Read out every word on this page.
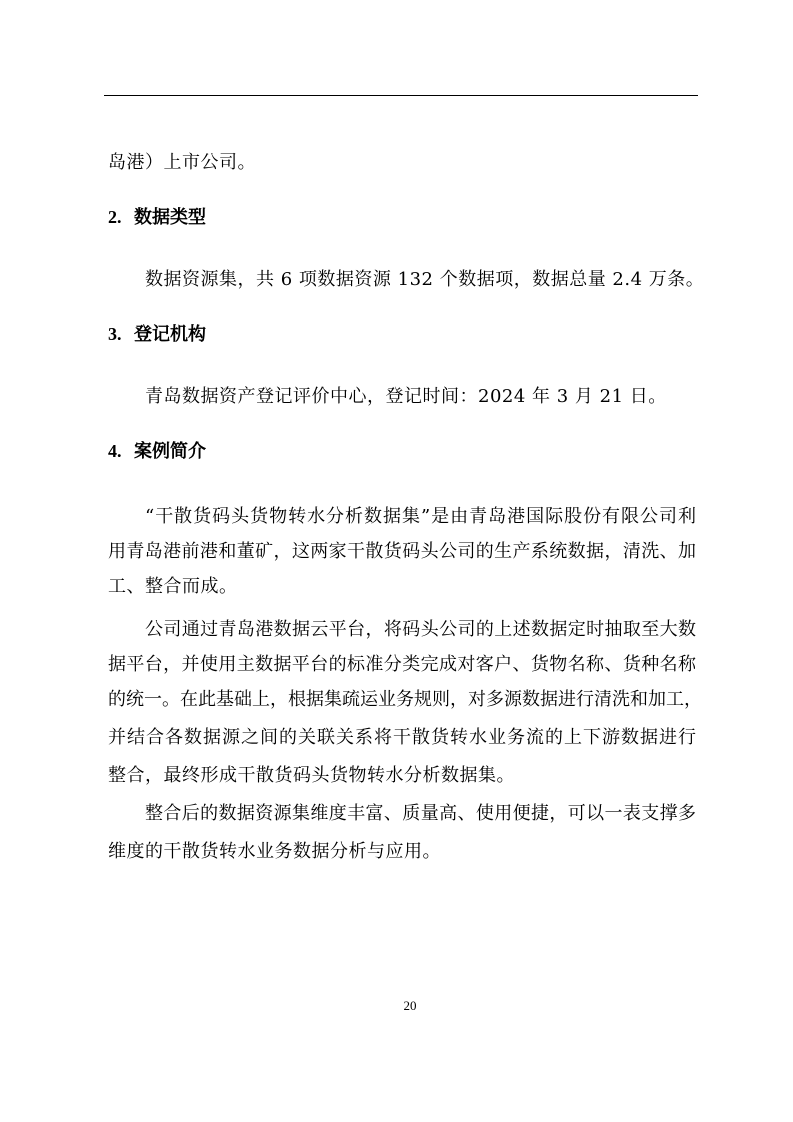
岛港）上市公司。
2. 数据类型
数据资源集，共 6 项数据资源 132 个数据项，数据总量 2.4 万条。
3. 登记机构
青岛数据资产登记评价中心，登记时间：2024 年 3 月 21 日。
4. 案例简介
“干散货码头货物转水分析数据集”是由青岛港国际股份有限公司利
用青岛港前港和董矿，这两家干散货码头公司的生产系统数据，清洗、加
工、整合而成。
公司通过青岛港数据云平台，将码头公司的上述数据定时抽取至大数
据平台，并使用主数据平台的标准分类完成对客户、货物名称、货种名称
的统一。在此基础上，根据集疏运业务规则，对多源数据进行清洗和加工，
并结合各数据源之间的关联关系将干散货转水业务流的上下游数据进行
整合，最终形成干散货码头货物转水分析数据集。
整合后的数据资源集维度丰富、质量高、使用便捷，可以一表支撑多
维度的干散货转水业务数据分析与应用。
20
